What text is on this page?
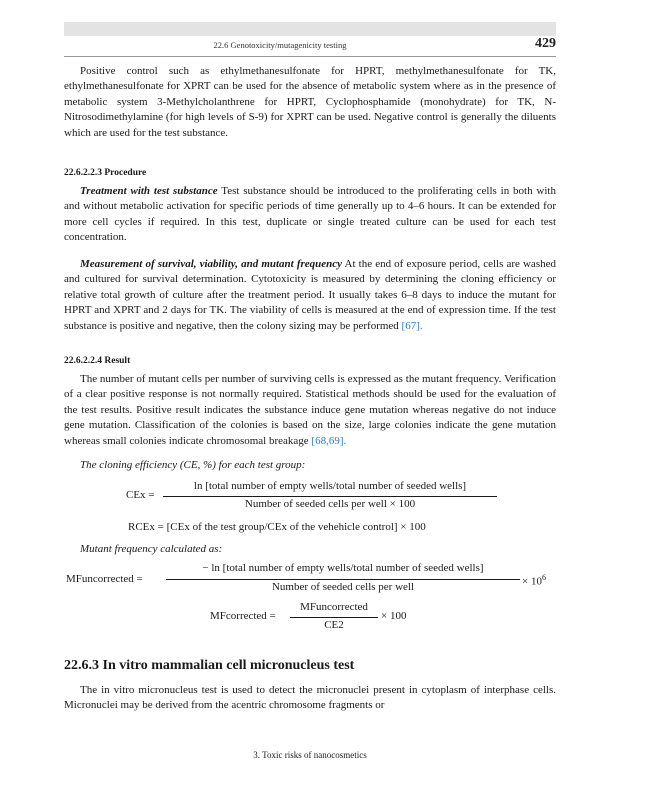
22.6 Genotoxicity/mutagenicity testing	429

Positive control such as ethylmethanesulfonate for HPRT, methylmethanesulfonate for TK, ethylmethanesulfonate for XPRT can be used for the absence of metabolic system where as in the presence of metabolic system 3-Methylcholanthrene for HPRT, Cyclophosphamide (monohydrate) for TK, N-Nitrosodimethylamine (for high levels of S-9) for XPRT can be used. Negative control is generally the diluents which are used for the test substance.

22.6.2.2.3 Procedure

Treatment with test substance Test substance should be introduced to the proliferating cells in both with and without metabolic activation for specific periods of time generally up to 4–6 hours. It can be extended for more cell cycles if required. In this test, duplicate or single treated culture can be used for each test concentration.

Measurement of survival, viability, and mutant frequency At the end of exposure period, cells are washed and cultured for survival determination. Cytotoxicity is measured by determining the cloning efficiency or relative total growth of culture after the treatment period. It usually takes 6–8 days to induce the mutant for HPRT and XPRT and 2 days for TK. The viability of cells is measured at the end of expression time. If the test substance is positive and negative, then the colony sizing may be performed [67].

22.6.2.2.4 Result

The number of mutant cells per number of surviving cells is expressed as the mutant frequency. Verification of a clear positive response is not normally required. Statistical methods should be used for the evaluation of the test results. Positive result indicates the substance induce gene mutation whereas negative do not induce gene mutation. Classification of the colonies is based on the size, large colonies indicate the gene mutation whereas small colonies indicate chromosomal breakage [68,69].

The cloning efficiency (CE, %) for each test group:
CEx =
ln [total number of empty wells/total number of seeded wells]
Number of seeded cells per well × 100
RCEx = [CEx of the test group/CEx of the vehehicle control] × 100
Mutant frequency calculated as:
MFuncorrected =
− ln [total number of empty wells/total number of seeded wells]
Number of seeded cells per well	× $10^6$
MFcorrected =
MFuncorrected
CE2
× 100
22.6.3 In vitro mammalian cell micronucleus test

The in vitro micronucleus test is used to detect the micronuclei present in cytoplasm of interphase cells. Micronuclei may be derived from the acentric chromosome fragments or

3. Toxic risks of nanocosmetics
